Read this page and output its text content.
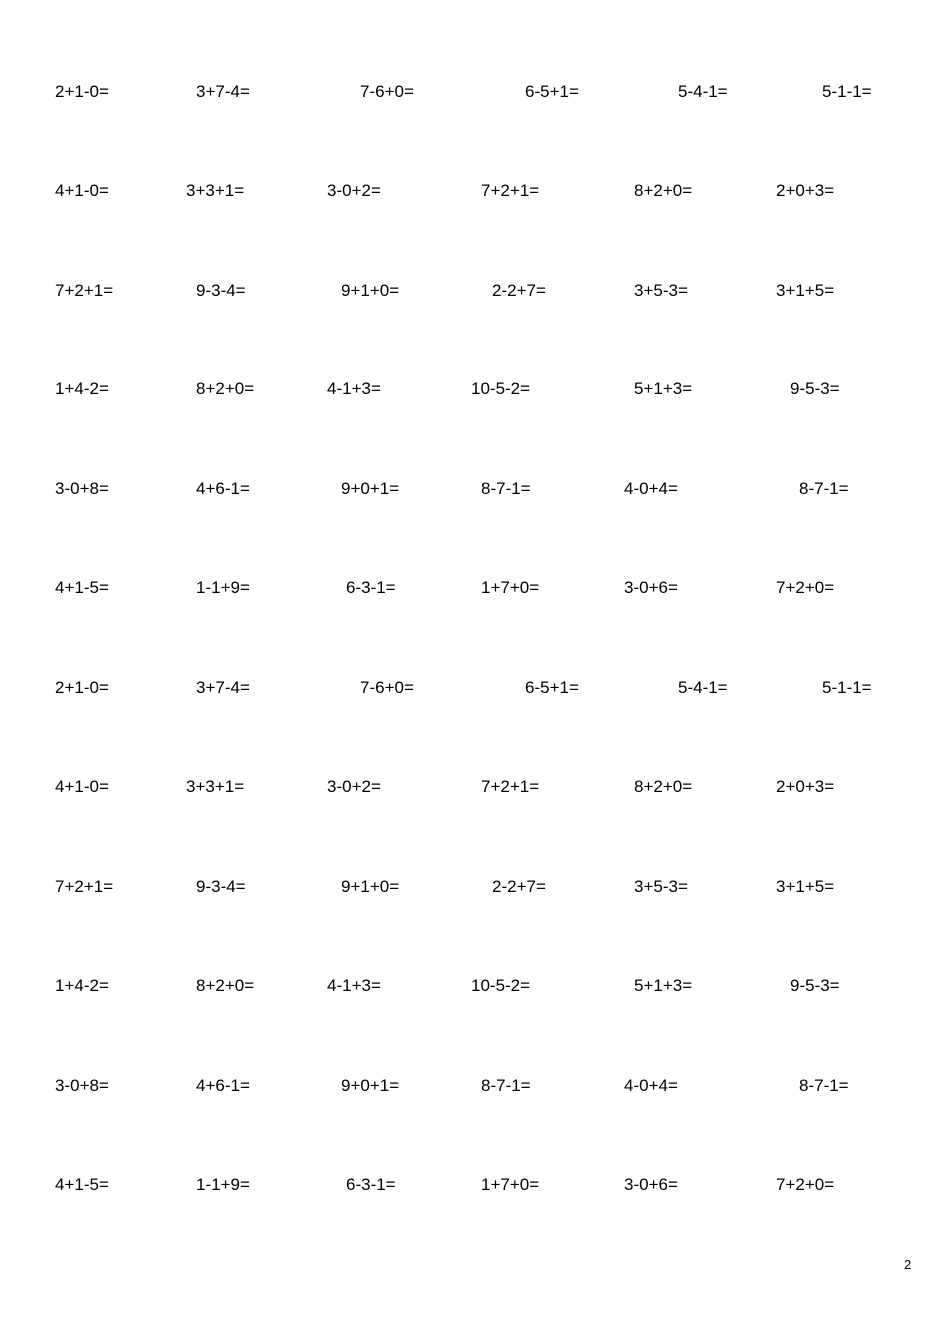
2+1-0=	3+7-4=	7-6+0=	6-5+1=	5-4-1=	5-1-1=
4+1-0=	3+3+1=	3-0+2=	7+2+1=	8+2+0=	2+0+3=
7+2+1=	9-3-4=	9+1+0=	2-2+7=	3+5-3=	3+1+5=
1+4-2=	8+2+0=	4-1+3=	10-5-2=	5+1+3=	9-5-3=
3-0+8=	4+6-1=	9+0+1=	8-7-1=	4-0+4=	8-7-1=
4+1-5=	1-1+9=	6-3-1=	1+7+0=	3-0+6=	7+2+0=
2+1-0=	3+7-4=	7-6+0=	6-5+1=	5-4-1=	5-1-1=
4+1-0=	3+3+1=	3-0+2=	7+2+1=	8+2+0=	2+0+3=
7+2+1=	9-3-4=	9+1+0=	2-2+7=	3+5-3=	3+1+5=
1+4-2=	8+2+0=	4-1+3=	10-5-2=	5+1+3=	9-5-3=
3-0+8=	4+6-1=	9+0+1=	8-7-1=	4-0+4=	8-7-1=
4+1-5=	1-1+9=	6-3-1=	1+7+0=	3-0+6=	7+2+0=
2
